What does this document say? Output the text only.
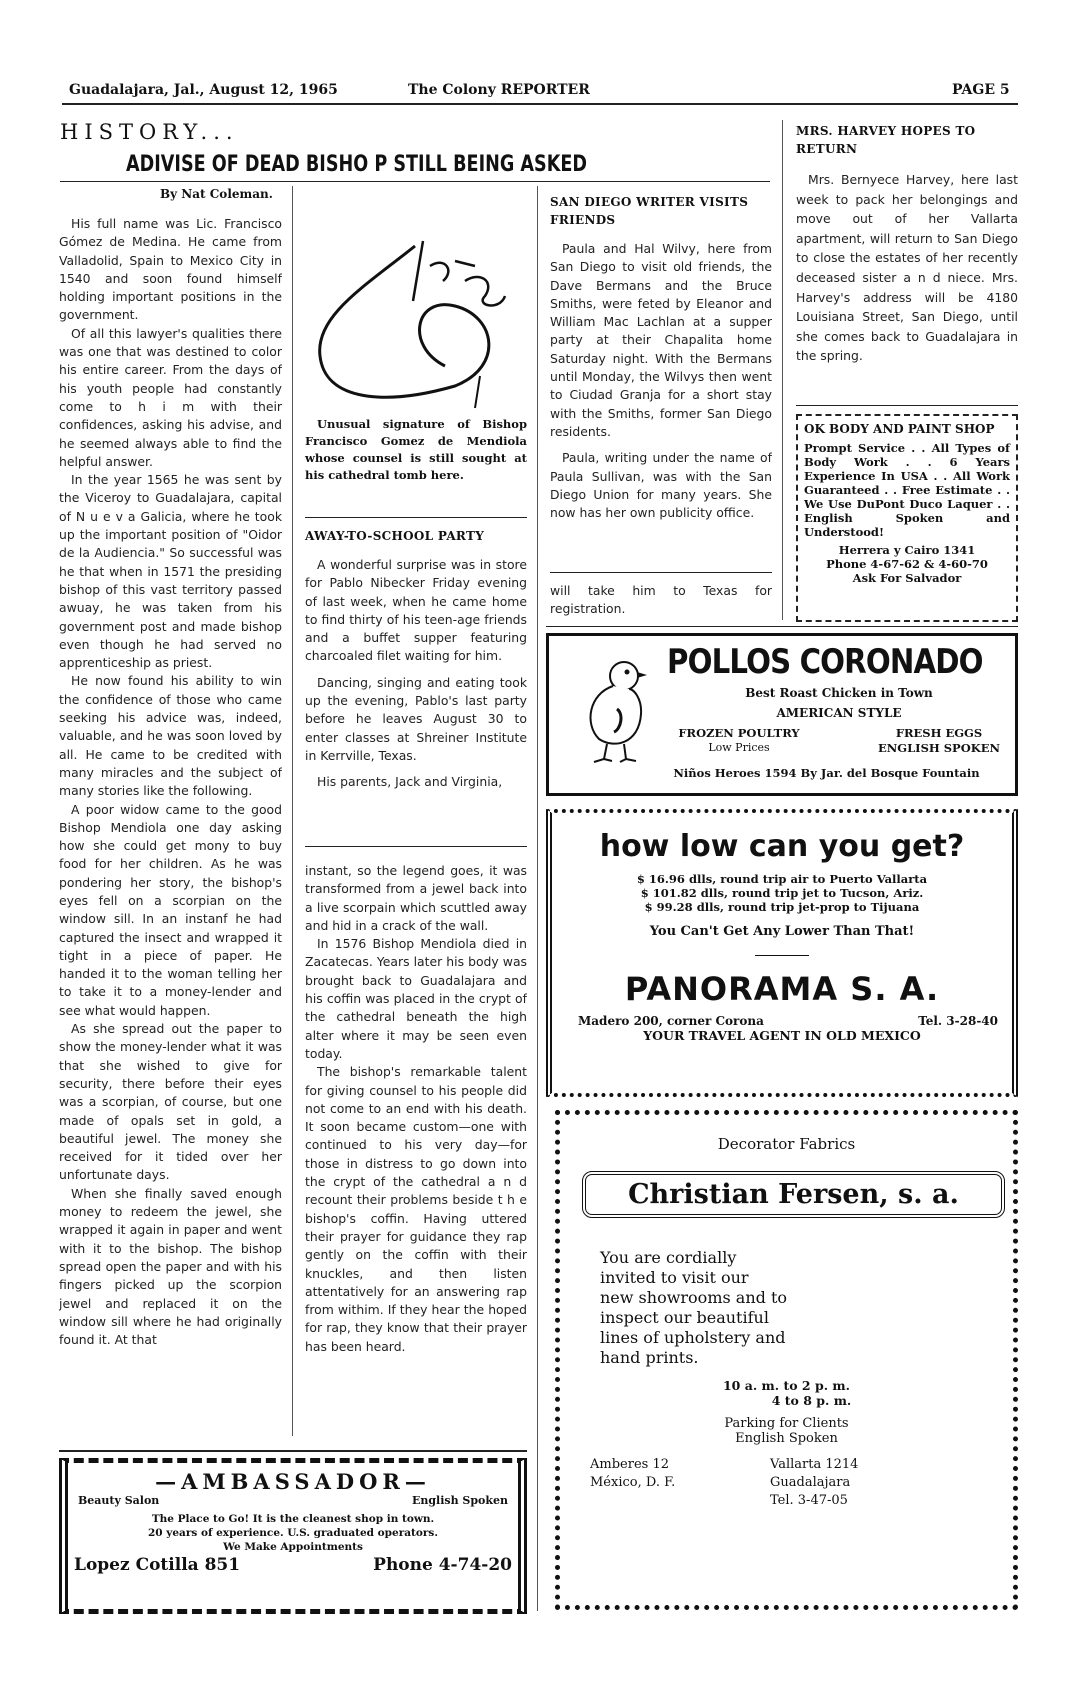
Guadalajara, Jal., August 12, 1965	The Colony REPORTER	PAGE 5
HISTORY...
ADIVISE OF DEAD BISHO P STILL BEING ASKED
By Nat Coleman.

His full name was Lic. Francisco Gómez de Medina. He came from Valladolid, Spain to Mexico City in 1540 and soon found himself holding important positions in the government.

Of all this lawyer's qualities there was one that was destined to color his entire career. From the days of his youth people had constantly come to h i m with their confidences, asking his advise, and he seemed always able to find the helpful answer.

In the year 1565 he was sent by the Viceroy to Guadalajara, capital of N u e v a Galicia, where he took up the important position of "Oidor de la Audiencia." So successful was he that when in 1571 the presiding bishop of this vast territory passed awuay, he was taken from his government post and made bishop even though he had served no apprenticeship as priest.

He now found his ability to win the confidence of those who came seeking his advice was, indeed, valuable, and he was soon loved by all. He came to be credited with many miracles and the subject of many stories like the following.

A poor widow came to the good Bishop Mendiola one day asking how she could get mony to buy food for her children. As he was pondering her story, the bishop's eyes fell on a scorpian on the window sill. In an instanf he had captured the insect and wrapped it tight in a piece of paper. He handed it to the woman telling her to take it to a money-lender and see what would happen.

As she spread out the paper to show the money-lender what it was that she wished to give for security, there before their eyes was a scorpian, of course, but one made of opals set in gold, a beautiful jewel. The money she received for it tided over her unfortunate days.

When she finally saved enough money to redeem the jewel, she wrapped it again in paper and went with it to the bishop. The bishop spread open the paper and with his fingers picked up the scorpion jewel and replaced it on the window sill where he had originally found it. At that

Unusual signature of Bishop Francisco Gomez de Mendiola whose counsel is still sought at his cathedral tomb here.
AWAY-TO-SCHOOL PARTY

A wonderful surprise was in store for Pablo Nibecker Friday evening of last week, when he came home to find thirty of his teen-age friends and a buffet supper featuring charcoaled filet waiting for him.

Dancing, singing and eating took up the evening, Pablo's last party before he leaves August 30 to enter classes at Shreiner Institute in Kerrville, Texas.

His parents, Jack and Virginia,

instant, so the legend goes, it was transformed from a jewel back into a live scorpain which scuttled away and hid in a crack of the wall.

In 1576 Bishop Mendiola died in Zacatecas. Years later his body was brought back to Guadalajara and his coffin was placed in the crypt of the cathedral beneath the high alter where it may be seen even today.

The bishop's remarkable talent for giving counsel to his people did not come to an end with his death. It soon became custom—one with continued to his very day—for those in distress to go down into the crypt of the cathedral a n d recount their problems beside t h e bishop's coffin. Having uttered their prayer for guidance they rap gently on the coffin with their knuckles, and then listen attentatively for an answering rap from withim. If they hear the hoped for rap, they know that their prayer has been heard.

SAN DIEGO WRITER VISITS FRIENDS

Paula and Hal Wilvy, here from San Diego to visit old friends, the Dave Bermans and the Bruce Smiths, were feted by Eleanor and William Mac Lachlan at a supper party at their Chapalita home Saturday night. With the Bermans until Monday, the Wilvys then went to Ciudad Granja for a short stay with the Smiths, former San Diego residents.

Paula, writing under the name of Paula Sullivan, was with the San Diego Union for many years. She now has her own publicity office.

will take him to Texas for registration.

MRS. HARVEY HOPES TO RETURN

Mrs. Bernyece Harvey, here last week to pack her belongings and move out of her Vallarta apartment, will return to San Diego to close the estates of her recently deceased sister a n d niece. Mrs. Harvey's address will be 4180 Louisiana Street, San Diego, until she comes back to Guadalajara in the spring.

OK BODY AND PAINT SHOP
Prompt Service . . All Types of Body Work . . 6 Years Experience In USA . . All Work Guaranteed . . Free Estimate . . We Use DuPont Duco Laquer . . English Spoken and Understood!
Herrera y Cairo 1341
Phone 4-67-62 & 4-60-70
Ask For Salvador
POLLOS CORONADO
Best Roast Chicken in Town
AMERICAN STYLE
FROZEN POULTRY
Low Prices
FRESH EGGS
ENGLISH SPOKEN
Niños Heroes 1594 By Jar. del Bosque Fountain
how low can you get?
$ 16.96 dlls, round trip air to Puerto Vallarta
$ 101.82 dlls, round trip jet to Tucson, Ariz.
$ 99.28 dlls, round trip jet-prop to Tijuana
You Can't Get Any Lower Than That!
PANORAMA S. A.
Madero 200, corner Corona	Tel. 3-28-40
YOUR TRAVEL AGENT IN OLD MEXICO
Decorator Fabrics
Christian Fersen, s. a.
You are cordially
invited to visit our
new showrooms and to
inspect our beautiful
lines of upholstery and
hand prints.
10 a. m. to 2 p. m.
4 to 8 p. m.
Parking for Clients
English Spoken
Amberes 12
México, D. F.
Vallarta 1214
Guadalajara
Tel. 3-47-05
—AMBASSADOR—
Beauty Salon	English Spoken
The Place to Go! It is the cleanest shop in town.
20 years of experience. U.S. graduated operators.
We Make Appointments
Lopez Cotilla 851	Phone 4-74-20
